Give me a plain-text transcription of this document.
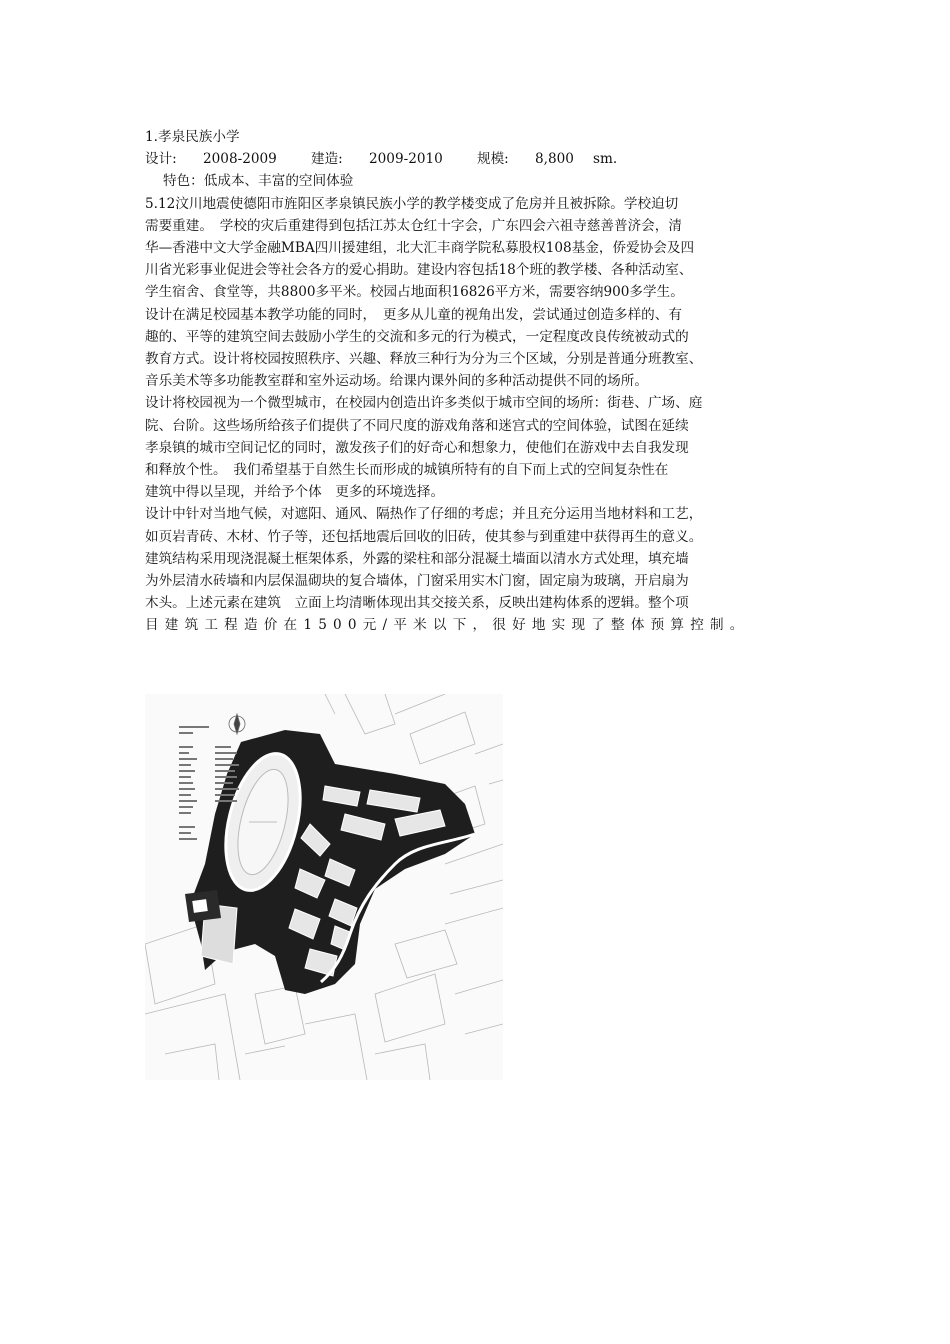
1.孝泉民族小学
设计: 2008-2009	建造: 2009-2010	规模: 8,800 sm.
特色：低成本、丰富的空间体验
5.12汶川地震使德阳市旌阳区孝泉镇民族小学的教学楼变成了危房并且被拆除。学校迫切
需要重建。　学校的灾后重建得到包括江苏太仓红十字会，广东四会六祖寺慈善普济会，清
华—香港中文大学金融MBA四川援建组，北大汇丰商学院私募股权108基金，侨爱协会及四
川省光彩事业促进会等社会各方的爱心捐助。建设内容包括18个班的教学楼、各种活动室、
学生宿舍、食堂等，共8800多平米。校园占地面积16826平方米，需要容纳900多学生。
设计在满足校园基本教学功能的同时，　更多从儿童的视角出发，尝试通过创造多样的、有
趣的、平等的建筑空间去鼓励小学生的交流和多元的行为模式，一定程度改良传统被动式的
教育方式。设计将校园按照秩序、兴趣、释放三种行为分为三个区域，分别是普通分班教室、
音乐美术等多功能教室群和室外运动场。给课内课外间的多种活动提供不同的场所。
设计将校园视为一个微型城市，在校园内创造出许多类似于城市空间的场所：街巷、广场、庭
院、台阶。这些场所给孩子们提供了不同尺度的游戏角落和迷宫式的空间体验，试图在延续
孝泉镇的城市空间记忆的同时，激发孩子们的好奇心和想象力，使他们在游戏中去自我发现
和释放个性。　我们希望基于自然生长而形成的城镇所特有的自下而上式的空间复杂性在
建筑中得以呈现，并给予个体　更多的环境选择。
设计中针对当地气候，对遮阳、通风、隔热作了仔细的考虑；并且充分运用当地材料和工艺，
如页岩青砖、木材、竹子等，还包括地震后回收的旧砖，使其参与到重建中获得再生的意义。
建筑结构采用现浇混凝土框架体系，外露的梁柱和部分混凝土墙面以清水方式处理，填充墙
为外层清水砖墙和内层保温砌块的复合墙体，门窗采用实木门窗，固定扇为玻璃，开启扇为
木头。上述元素在建筑　立面上均清晰体现出其交接关系，反映出建构体系的逻辑。整个项
目建筑工程造价在1500元/平米以下，很好地实现了整体预算控制。
